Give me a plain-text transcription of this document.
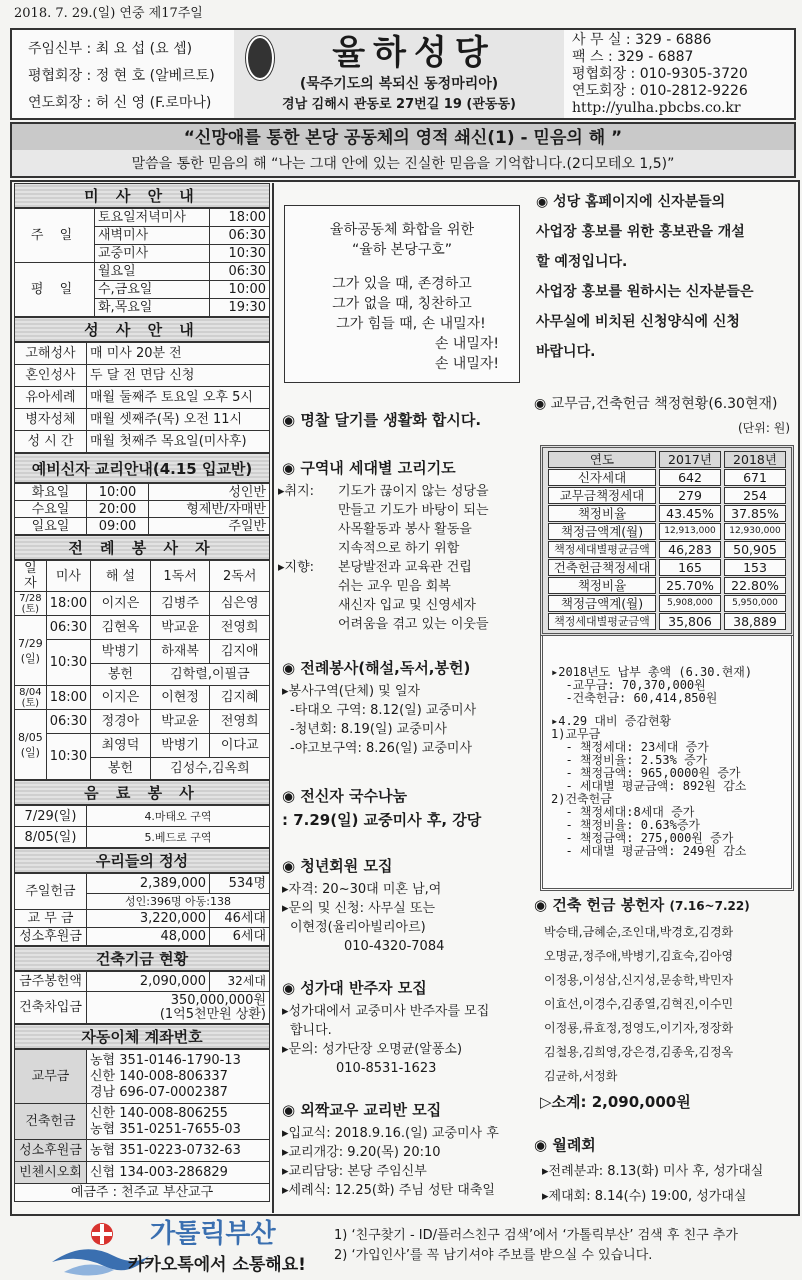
2018. 7. 29.(일) 연중 제17주일
주임신부 : 최 요 섭 (요 셉)
평협회장 : 정 현 호 (알베르토)
연도회장 : 허 신 영 (F.로마나)
율하성당
(묵주기도의 복되신 동정마리아)
경남 김해시 관동로 27번길 19 (관동동)
사 무 실 : 329 - 6886
팩 스 : 329 - 6887
평협회장 : 010-9305-3720
연도회장 : 010-2812-9226
http://yulha.pbcbs.co.kr
“신망애를 통한 본당 공동체의 영적 쇄신(1) - 믿음의 해 ”
말씀을 통한 믿음의 해 “나는 그대 안에 있는 진실한 믿음을 기억합니다.(2디모테오 1,5)”
미 사 안 내
주 일	토요일저녁미사	18:00
	새벽미사	06:30
	교중미사	10:30
평 일	월요일	06:30
	수,금요일	10:00
	화,목요일	19:30
성 사 안 내
고해성사	매 미사 20분 전
혼인성사	두 달 전 면담 신청
유아세례	매월 둘째주 토요일 오후 5시
병자성체	매월 셋째주(목) 오전 11시
성 시 간	매월 첫째주 목요일(미사후)
예비신자 교리안내(4.15 입교반)
화요일	10:00	성인반
수요일	20:00	형제반/자매반
일요일	09:00	주일반
전 례 봉 사 자
일자	미사	해 설	1독서	2독서
7/28 (토)	18:00	이지은	김병주	심은영
7/29 (일)	06:30	김현옥	박교윤	전영희
	10:30	박병기	하재복	김지애
		봉헌	김학렬,이필금	
8/04 (토)	18:00	이지은	이현정	김지혜
8/05 (일)	06:30	정경아	박교윤	전영희
	10:30	최영덕	박병기	이다교
		봉헌	김성수,김옥희	
음 료 봉 사
7/29(일)	4.마태오 구역
8/05(일)	5.베드로 구역
우리들의 정성
주일헌금	2,389,000	534명
	성인:396명 아동:138	
교 무 금	3,220,000	46세대
성소후원금	48,000	6세대
건축기금 현황
금주봉헌액	2,090,000	32세대
건축차입금	350,000,000원
(1억5천만원 상환)	
자동이체 계좌번호
교무금	농협 351-0146-1790-13
신한 140-008-806337
경남 696-07-0002387

건축헌금	신한 140-008-806255
농협 351-0251-7655-03

성소후원금	농협 351-0223-0732-63
빈첸시오회	신협 134-003-286829
예금주 : 천주교 부산교구	
율하공동체 화합을 위한
“율하 본당구호”
그가 있을 때, 존경하고
그가 없을 때, 칭찬하고
그가 힘들 때, 손 내밀자!
손 내밀자!
손 내밀자!
◉ 명찰 달기를 생활화 합시다.
◉ 구역내 세대별 고리기도
▸취지: 기도가 끊이지 않는 성당을
만들고 기도가 바탕이 되는
사목활동과 봉사 활동을
지속적으로 하기 위함
▸지향: 본당발전과 교육관 건립
쉬는 교우 믿음 회복
새신자 입교 및 신영세자
어려움을 겪고 있는 이웃들
◉ 전례봉사(해설,독서,봉헌)
▸봉사구역(단체) 및 일자
-타대오 구역: 8.12(일) 교중미사
-청년회: 8.19(일) 교중미사
-야고보구역: 8.26(일) 교중미사
◉ 전신자 국수나눔
: 7.29(일) 교중미사 후, 강당
◉ 청년회원 모집
▸자격: 20~30대 미혼 남,여
▸문의 및 신청: 사무실 또는
이현정(율리아빌리아르)
010-4320-7084
◉ 성가대 반주자 모집
▸성가대에서 교중미사 반주자를 모집
합니다.
▸문의: 성가단장 오명균(알퐁소)
010-8531-1623
◉ 외짝교우 교리반 모집
▸입교식: 2018.9.16.(일) 교중미사 후
▸교리개강: 9.20(목) 20:10
▸교리담당: 본당 주임신부
▸세례식: 12.25(화) 주님 성탄 대축일
◉ 성당 홈페이지에 신자분들의
사업장 홍보를 위한 홍보관을 개설
할 예정입니다.
사업장 홍보를 원하시는 신자분들은
사무실에 비치된 신청양식에 신청
바랍니다.
◉ 교무금,건축헌금 책정현황(6.30현재)
(단위: 원)
연도	2017년	2018년
신자세대	642	671
교무금책정세대	279	254
책정비율	43.45%	37.85%
책정금액계(월)	12,913,000	12,930,000
책정세대별평균금액	46,283	50,905
건축헌금책정세대	165	153
책정비율	25.70%	22.80%
책정금액계(월)	5,908,000	5,950,000
책정세대별평균금액	35,806	38,889

▸2018년도 납부 총액 (6.30.현재)
-교무금: 70,370,000원
-건축헌금: 60,414,850원
▸4.29 대비 증감현황
1)교무금
- 책정세대: 23세대 증가
- 책정비율: 2.53% 증가
- 책정금액: 965,0000원 증가
- 세대별 평균금액: 892원 감소
2)건축헌금
- 책정세대:8세대 증가
- 책정비율: 0.63%증가
- 책정금액: 275,000원 증가
- 세대별 평균금액: 249원 감소

◉ 건축 헌금 봉헌자 (7.16~7.22)
박승태,금혜순,조인대,박경호,김경화
오명균,정주애,박병기,김효숙,김아영
이정용,이성삼,신지성,문송학,박민자
이효선,이경수,김종열,김혁진,이수민
이정룡,류효정,정영도,이기자,정장화
김철용,김희영,강은경,김종욱,김정옥
김균하,서정화
▷소계: 2,090,000원
◉ 월례회
▸전례분과: 8.13(화) 미사 후, 성가대실
▸제대회: 8.14(수) 19:00, 성가대실
가톨릭부산
카카오톡에서 소통해요!
1) ‘친구찾기 - ID/플러스친구 검색’에서 ‘가톨릭부산’ 검색 후 친구 추가
2) ‘가입인사’를 꼭 남기셔야 주보를 받으실 수 있습니다.
